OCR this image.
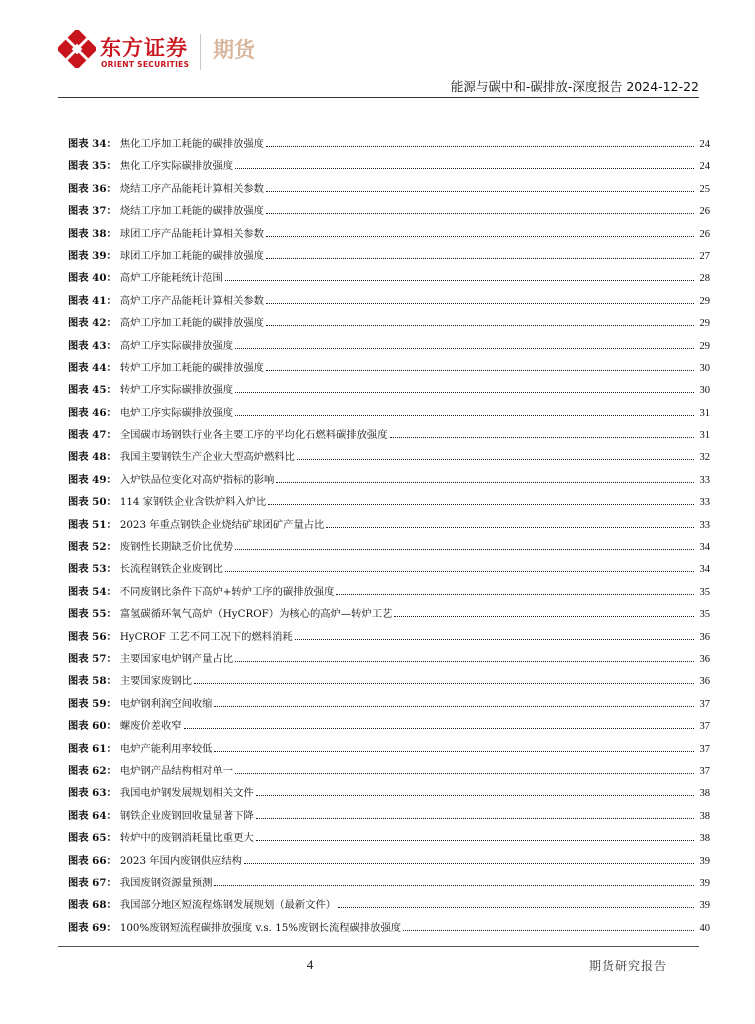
东方证券
ORIENT SECURITIES
期货
能源与碳中和-碳排放-深度报告 2024-12-22
图表 34： 焦化工序加工耗能的碳排放强度	24
图表 35： 焦化工序实际碳排放强度	24
图表 36： 烧结工序产品能耗计算相关参数	25
图表 37： 烧结工序加工耗能的碳排放强度	26
图表 38： 球团工序产品能耗计算相关参数	26
图表 39： 球团工序加工耗能的碳排放强度	27
图表 40： 高炉工序能耗统计范围	28
图表 41： 高炉工序产品能耗计算相关参数	29
图表 42： 高炉工序加工耗能的碳排放强度	29
图表 43： 高炉工序实际碳排放强度	29
图表 44： 转炉工序加工耗能的碳排放强度	30
图表 45： 转炉工序实际碳排放强度	30
图表 46： 电炉工序实际碳排放强度	31
图表 47： 全国碳市场钢铁行业各主要工序的平均化石燃料碳排放强度	31
图表 48： 我国主要钢铁生产企业大型高炉燃料比	32
图表 49： 入炉铁品位变化对高炉指标的影响	33
图表 50： 114 家钢铁企业含铁炉料入炉比	33
图表 51： 2023 年重点钢铁企业烧结矿球团矿产量占比	33
图表 52： 废钢性长期缺乏价比优势	34
图表 53： 长流程钢铁企业废钢比	34
图表 54： 不同废钢比条件下高炉+转炉工序的碳排放强度	35
图表 55： 富氢碳循环氧气高炉（HyCROF）为核心的高炉—转炉工艺	35
图表 56： HyCROF 工艺不同工况下的燃料消耗	36
图表 57： 主要国家电炉钢产量占比	36
图表 58： 主要国家废钢比	36
图表 59： 电炉钢利润空间收缩	37
图表 60： 螺废价差收窄	37
图表 61： 电炉产能利用率较低	37
图表 62： 电炉钢产品结构相对单一	37
图表 63： 我国电炉钢发展规划相关文件	38
图表 64： 钢铁企业废钢回收量显著下降	38
图表 65： 转炉中的废钢消耗量比重更大	38
图表 66： 2023 年国内废钢供应结构	39
图表 67： 我国废钢资源量预测	39
图表 68： 我国部分地区短流程炼钢发展规划（最新文件）	39
图表 69： 100%废钢短流程碳排放强度 v.s. 15%废钢长流程碳排放强度	40
4	期货研究报告
